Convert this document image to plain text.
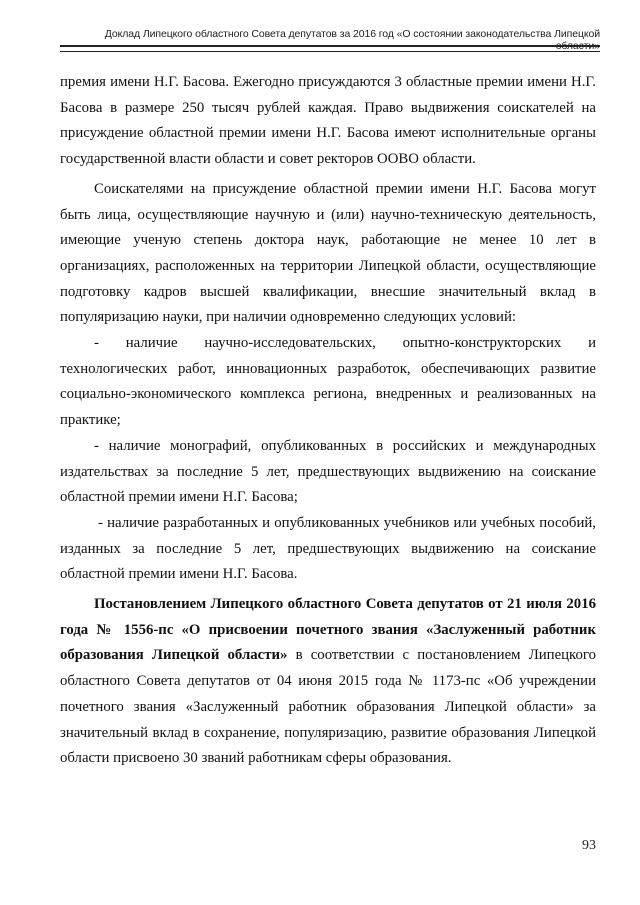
Доклад Липецкого областного Совета депутатов за 2016 год «О состоянии законодательства Липецкой области»

премия имени Н.Г. Басова. Ежегодно присуждаются 3 областные премии имени Н.Г. Басова в размере 250 тысяч рублей каждая. Право выдвижения соискателей на присуждение областной премии имени Н.Г. Басова имеют исполнительные органы государственной власти области и совет ректоров ООВО области.

Соискателями на присуждение областной премии имени Н.Г. Басова могут быть лица, осуществляющие научную и (или) научно-техническую деятельность, имеющие ученую степень доктора наук, работающие не менее 10 лет в организациях, расположенных на территории Липецкой области, осуществляющие подготовку кадров высшей квалификации, внесшие значительный вклад в популяризацию науки, при наличии одновременно следующих условий:

- наличие научно-исследовательских, опытно-конструкторских и технологических работ, инновационных разработок, обеспечивающих развитие социально-экономического комплекса региона, внедренных и реализованных на практике;

- наличие монографий, опубликованных в российских и международных издательствах за последние 5 лет, предшествующих выдвижению на соискание областной премии имени Н.Г. Басова;

- наличие разработанных и опубликованных учебников или учебных пособий, изданных за последние 5 лет, предшествующих выдвижению на соискание областной премии имени Н.Г. Басова.

Постановлением Липецкого областного Совета депутатов от 21 июля 2016 года № 1556-пс «О присвоении почетного звания «Заслуженный работник образования Липецкой области» в соответствии с постановлением Липецкого областного Совета депутатов от 04 июня 2015 года № 1173-пс «Об учреждении почетного звания «Заслуженный работник образования Липецкой области» за значительный вклад в сохранение, популяризацию, развитие образования Липецкой области присвоено 30 званий работникам сферы образования.

93
